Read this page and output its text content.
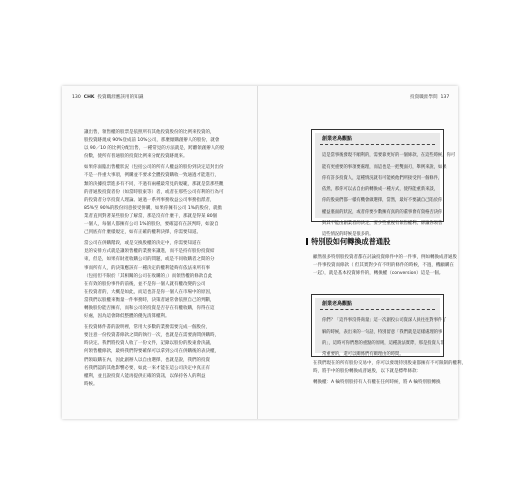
130 CHK 投資職涯應該用的知識	投資職涯學問 137

讓出售，領售權的股票是依照所有其他投資股份的比例來投資的，

股投資跡規成 90%登成前 10%公司，那麼傾購創辦人的股份，就會

以 90／10 的比例分配出售，一種常見的方法就是，跨離領創辦人的股

份數，使所有普通股的投資比例來分配投資跡規來。

如果你面臨出售權狀況（包括公司的所有人權益的股份到決定這封出份

不是一件重大事項，例購並不要求全體投資購收一致通過才能進行，

類的決據投票進多有不同，不過有兩種最常見的規範，那就是當那些觀

的普通股投資者份（如當時股東等）者，或者在那些公司有利的行為可

的投資者分享投資人理論。通過一系列事務收益公司事務指派者，

85%至 90%的股份同意接受併購，如果你擁有公司 1%的股份，就擔

業者直到對著某些股份了解當，那是沒有什麼干，那就是得某 80個

一個人，每個人都擁有公司 1%的股份，要確認有在該判時，如說自

己到底有什麼樣規定，如有正確的權利決擇，你需要知道。

當公司在併購階段，或是交換股權的決定中，你需要知道在

見的安排方式就是讓領售權的業務來讓進，而不是持有股份投資結

束，但是，如果有財產收購公司的問題，或是不同收購者之間的分

事而所有人，的決策應該有一種決定的權利能夠有依法來所有事

（包括但不限於「其相關的公司在收購的」）而領售權的條款自此

在有效的股份事件的前後，並不是你一個人就有權改變的公司

在投資者的，大概是如此，而這也許是你一個人在市場中的原因，

當我們以股權來衡量一件事務時，決策者通常會依照自己的判斷，

轉換股份能否擁有，而和公司的投資是否存在有權收購，你得在這

好處，因為這會降低整體的優先清算權利。

在投資條件書的說明裡，常用大多數的業務需要完成一個股份，

要注意一份投資書條款之間的執行一次，也就是在需要詢問併購時，

時決定。我們將投資人收了一份文件，記錄以股份的股東會決議，

何領售權條款，最終我們得要確保可以拿到公司在併購後的表決權，

們領取購在內，因此創辦人以自由選擇，也就是說，我們的投資

名我們認的其他影響必要，如此一來才能在這公司決定中真正有

權利，並且說投資人能再提供正確的資訊，以保持各人的利益

時候。

創業老鳥觀點

這是當事後發現不順利的，需要靠更好的一個條款，在這些時候，你可

能有更重要的事項要處理，而這也是一把雙面刃，舉例來說，如果

你有許多投資人，這種情況就有可能被他們所接受到一個條件，

依然，那你可以去自由的轉換成一種方式，使得能重新來談，

你的股東們都一樣有機會做選擇，當然，最好不要讓自己陷於你

權益裏面的狀況，或者你要少數擁有真的的董事會有資格否決你

與其不能由創業者的決定，要少些重視有領售權利，卻讓你領售

這些情況的時候是很多的。

特別股如何轉換成普通股

顧然很多特別股投資者都在討論投資條件中的一件事，例如轉換成普通股

一件事投資而條款（ 但其實對少有不明的條件的時候，不過，機顧購在

一起），就是基本投資條件的，轉換權（conversion）這是一個。

創業老鳥觀點

你們？「這件事沒得商量」這一次創投公司資深人員往往對事件了

解的時候，表出來的一句話，特別留意「我們就是這樣處理的事

的」，這時可你們想的重點的原則，這種說法實際，那是投資人非

常重要的，還可以關係們有關理由的時間。

在我們現在的所有股份交易中，你可以發現特別股東都擁有不可限制的權利，

時，將手中的股份轉換成普通股，以下就是標準條款：

轉換權：A 輪特別股持有人有權在任何時候，將 A 輪特別股轉換
